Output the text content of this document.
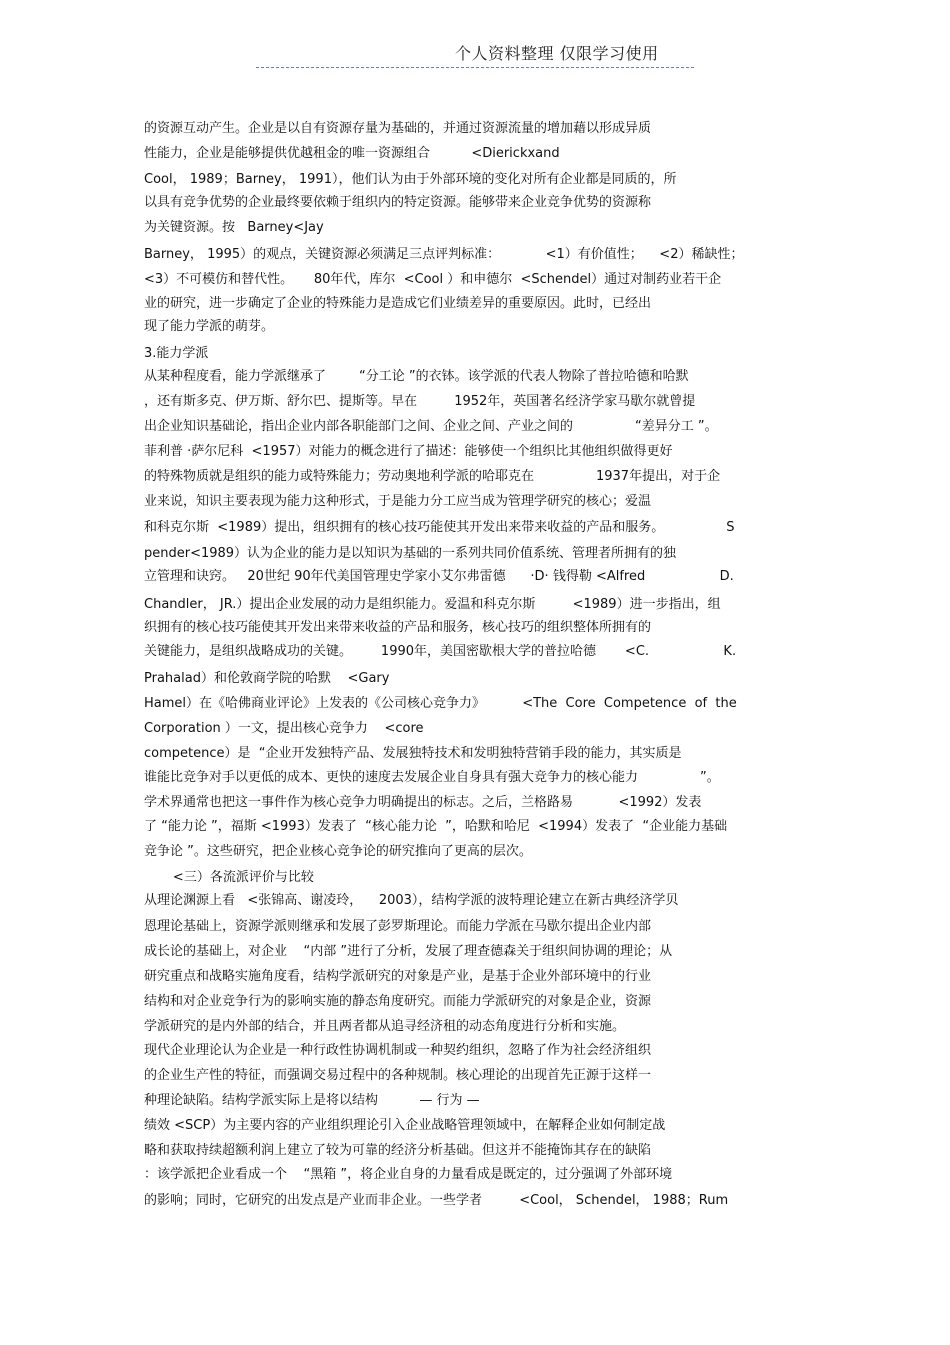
个人资料整理 仅限学习使用
的资源互动产生。企业是以自有资源存量为基础的，并通过资源流量的增加藉以形成异质
性能力，企业是能够提供优越租金的唯一资源组合          <Dierickxand
Cool， 1989；Barney， 1991），他们认为由于外部环境的变化对所有企业都是同质的，所
以具有竞争优势的企业最终要依赖于组织内的特定资源。能够带来企业竞争优势的资源称
为关键资源。按   Barney<Jay
Barney， 1995）的观点，关键资源必须满足三点评判标准：           <1）有价值性；    <2）稀缺性；
<3）不可模仿和替代性。     80年代，库尔  <Cool ）和申德尔  <Schendel）通过对制药业若干企
业的研究，进一步确定了企业的特殊能力是造成它们业绩差异的重要原因。此时，已经出
现了能力学派的萌芽。
3.能力学派
从某种程度看，能力学派继承了        “分工论 ”的衣钵。该学派的代表人物除了普拉哈德和哈默
，还有斯多克、伊万斯、舒尔巴、提斯等。早在         1952年，英国著名经济学家马歇尔就曾提
出企业知识基础论，指出企业内部各职能部门之间、企业之间、产业之间的               “差异分工 ”。
菲利普 ·萨尔尼科  <1957）对能力的概念进行了描述：能够使一个组织比其他组织做得更好
的特殊物质就是组织的能力或特殊能力；劳动奥地利学派的哈耶克在               1937年提出，对于企
业来说，知识主要表现为能力这种形式，于是能力分工应当成为管理学研究的核心；爱温
和科克尔斯  <1989）提出，组织拥有的核心技巧能使其开发出来带来收益的产品和服务。               S
pender<1989）认为企业的能力是以知识为基础的一系列共同价值系统、管理者所拥有的独
立管理和诀窍。   20世纪 90年代美国管理史学家小艾尔弗雷德      ·D· 钱得勒 <Alfred                  D.
Chandler， JR.）提出企业发展的动力是组织能力。爱温和科克尔斯         <1989）进一步指出，组
织拥有的核心技巧能使其开发出来带来收益的产品和服务，核心技巧的组织整体所拥有的
关键能力，是组织战略成功的关键。       1990年，美国密歇根大学的普拉哈德       <C.                  K.
Prahalad）和伦敦商学院的哈默    <Gary
Hamel）在《哈佛商业评论》上发表的《公司核心竞争力》         <The  Core  Competence  of  the
Corporation ）一文，提出核心竞争力    <core
competence）是  “企业开发独特产品、发展独特技术和发明独特营销手段的能力，其实质是
谁能比竞争对手以更低的成本、更快的速度去发展企业自身具有强大竞争力的核心能力               ”。
学术界通常也把这一事件作为核心竞争力明确提出的标志。之后，兰格路易           <1992）发表
了 “能力论 ”，福斯 <1993）发表了  “核心能力论  ”，哈默和哈尼  <1994）发表了  “企业能力基础
竞争论 ”。这些研究，把企业核心竞争论的研究推向了更高的层次。
<三）各流派评价与比较
从理论渊源上看   <张锦高、谢凌玲，    2003），结构学派的波特理论建立在新古典经济学贝
恩理论基础上，资源学派则继承和发展了彭罗斯理论。而能力学派在马歇尔提出企业内部
成长论的基础上，对企业    “内部 ”进行了分析，发展了理查德森关于组织间协调的理论；从
研究重点和战略实施角度看，结构学派研究的对象是产业，是基于企业外部环境中的行业
结构和对企业竞争行为的影响实施的静态角度研究。而能力学派研究的对象是企业，资源
学派研究的是内外部的结合，并且两者都从追寻经济租的动态角度进行分析和实施。
现代企业理论认为企业是一种行政性协调机制或一种契约组织，忽略了作为社会经济组织
的企业生产性的特征，而强调交易过程中的各种规制。核心理论的出现首先正源于这样一
种理论缺陷。结构学派实际上是将以结构          — 行为 —
绩效 <SCP）为主要内容的产业组织理论引入企业战略管理领域中，在解释企业如何制定战
略和获取持续超额利润上建立了较为可靠的经济分析基础。但这并不能掩饰其存在的缺陷
：该学派把企业看成一个    “黑箱 ”，将企业自身的力量看成是既定的，过分强调了外部环境
的影响；同时，它研究的出发点是产业而非企业。一些学者         <Cool， Schendel， 1988；Rum
